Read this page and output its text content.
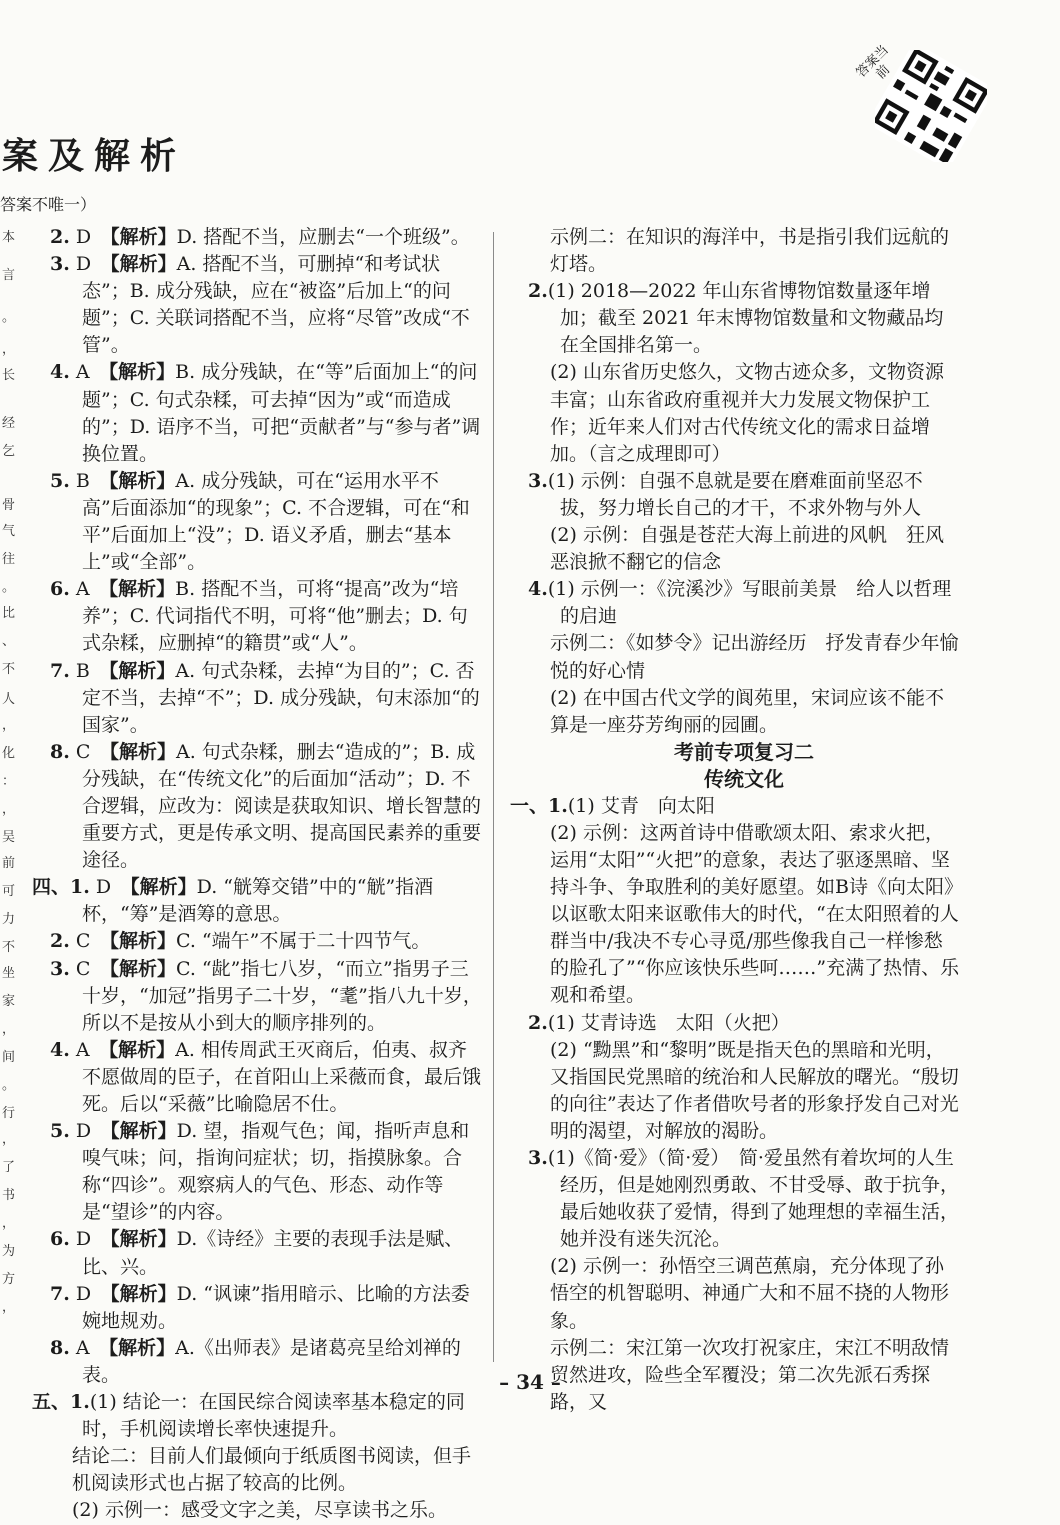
案及解析
答案不唯一）
答案当前
本
言
。
，
长
经
乞
骨
气
往
。
比
、
不
人
，
化
：
，
吴
前
可
力
不
坐
家
，
间
。
行
，
了
书
，
为
方
，

2. D　 【解析】D. 搭配不当，应删去“一个班级”。

3. D　 【解析】A. 搭配不当，可删掉“和考试状态”；B. 成分残缺，应在“被盗”后加上“的问题”；C. 关联词搭配不当，应将“尽管”改成“不管”。

4. A　 【解析】B. 成分残缺，在“等”后面加上“的问题”；C. 句式杂糅，可去掉“因为”或“而造成的”；D. 语序不当，可把“贡献者”与“参与者”调换位置。

5. B　 【解析】A. 成分残缺，可在“运用水平不高”后面添加“的现象”；C. 不合逻辑，可在“和平”后面加上“没”；D. 语义矛盾，删去“基本上”或“全部”。

6. A　 【解析】B. 搭配不当，可将“提高”改为“培养”；C. 代词指代不明，可将“他”删去；D. 句式杂糅，应删掉“的籍贯”或“人”。

7. B　 【解析】A. 句式杂糅，去掉“为目的”；C. 否定不当，去掉“不”；D. 成分残缺，句末添加“的国家”。

8. C　 【解析】A. 句式杂糅，删去“造成的”；B. 成分残缺，在“传统文化”的后面加“活动”；D. 不合逻辑，应改为：阅读是获取知识、增长智慧的重要方式，更是传承文明、提高国民素养的重要途径。

四、1. D　 【解析】D. “觥筹交错”中的“觥”指酒杯，“筹”是酒筹的意思。

2. C　 【解析】C. “端午”不属于二十四节气。

3. C　 【解析】C. “龀”指七八岁，“而立”指男子三十岁，“加冠”指男子二十岁，“耄”指八九十岁，所以不是按从小到大的顺序排列的。

4. A　 【解析】A. 相传周武王灭商后，伯夷、叔齐不愿做周的臣子，在首阳山上采薇而食，最后饿死。后以“采薇”比喻隐居不仕。

5. D　 【解析】D. 望，指观气色；闻，指听声息和嗅气味；问，指询问症状；切，指摸脉象。合称“四诊”。观察病人的气色、形态、动作等是“望诊”的内容。

6. D　 【解析】D.《诗经》主要的表现手法是赋、比、兴。

7. D　 【解析】D. “讽谏”指用暗示、比喻的方法委婉地规劝。

8. A　 【解析】A.《出师表》是诸葛亮呈给刘禅的表。

五、1.(1) 结论一：在国民综合阅读率基本稳定的同时，手机阅读增长率快速提升。

结论二：目前人们最倾向于纸质图书阅读，但手机阅读形式也占据了较高的比例。

(2) 示例一：感受文字之美，尽享读书之乐。

示例二：在知识的海洋中，书是指引我们远航的灯塔。

2.(1) 2018—2022 年山东省博物馆数量逐年增加；截至 2021 年末博物馆数量和文物藏品均在全国排名第一。

(2) 山东省历史悠久，文物古迹众多，文物资源丰富；山东省政府重视并大力发展文物保护工作；近年来人们对古代传统文化的需求日益增加。（言之成理即可）

3.(1) 示例：自强不息就是要在磨难面前坚忍不拔，努力增长自己的才干，不求外物与外人

(2) 示例：自强是苍茫大海上前进的风帆　狂风恶浪掀不翻它的信念

4.(1) 示例一：《浣溪沙》写眼前美景　给人以哲理的启迪

示例二：《如梦令》记出游经历　抒发青春少年愉悦的好心情

(2) 在中国古代文学的阆苑里，宋词应该不能不算是一座芬芳绚丽的园圃。

考前专项复习二

传统文化

一、1.(1) 艾青　向太阳

(2) 示例：这两首诗中借歌颂太阳、索求火把，运用“太阳”“火把”的意象，表达了驱逐黑暗、坚持斗争、争取胜利的美好愿望。如B诗《向太阳》以讴歌太阳来讴歌伟大的时代，“在太阳照着的人群当中/我决不专心寻觅/那些像我自己一样惨愁的脸孔了”“你应该快乐些呵……”充满了热情、乐观和希望。

2.(1) 艾青诗选　太阳（火把）

(2) “黝黑”和“黎明”既是指天色的黑暗和光明，又指国民党黑暗的统治和人民解放的曙光。“殷切的向往”表达了作者借吹号者的形象抒发自己对光明的渴望，对解放的渴盼。

3.(1)《简·爱》（简·爱）　简·爱虽然有着坎坷的人生经历，但是她刚烈勇敢、不甘受辱、敢于抗争，最后她收获了爱情，得到了她理想的幸福生活，她并没有迷失沉沦。

(2) 示例一：孙悟空三调芭蕉扇，充分体现了孙悟空的机智聪明、神通广大和不屈不挠的人物形象。

示例二：宋江第一次攻打祝家庄，宋江不明敌情贸然进攻，险些全军覆没；第二次先派石秀探路，又

– 34 –
